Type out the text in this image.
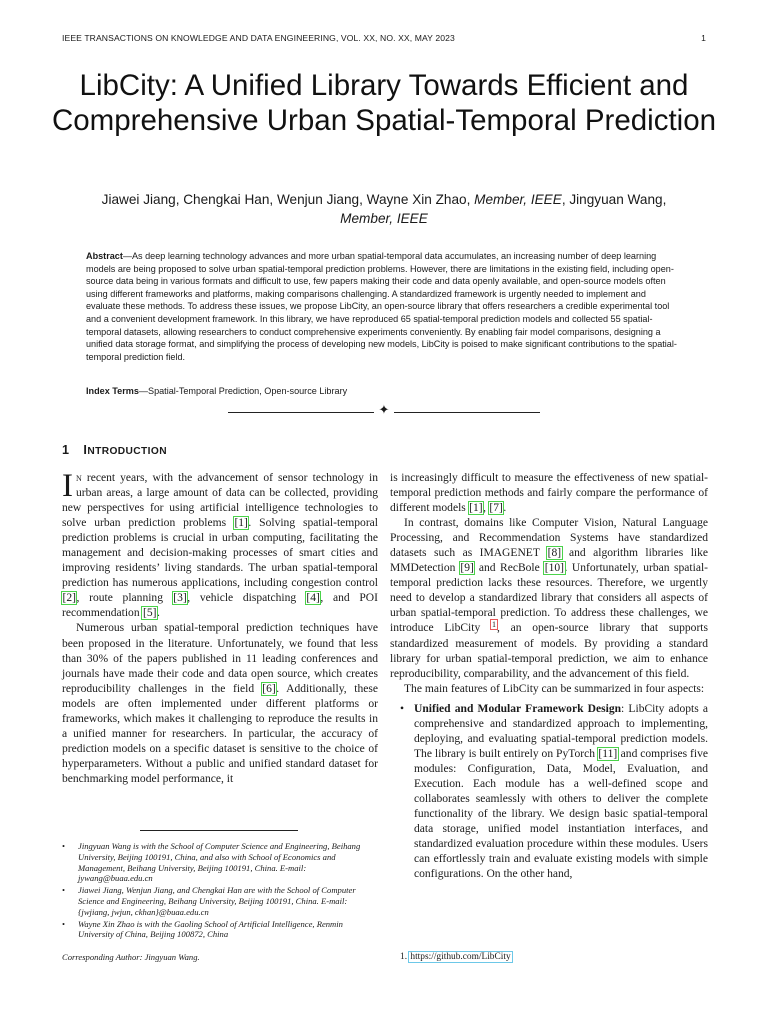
IEEE TRANSACTIONS ON KNOWLEDGE AND DATA ENGINEERING, VOL. XX, NO. XX, MAY 2023	1
LibCity: A Unified Library Towards Efficient and Comprehensive Urban Spatial-Temporal Prediction
Jiawei Jiang, Chengkai Han, Wenjun Jiang, Wayne Xin Zhao, Member, IEEE, Jingyuan Wang, Member, IEEE
Abstract—As deep learning technology advances and more urban spatial-temporal data accumulates, an increasing number of deep learning models are being proposed to solve urban spatial-temporal prediction problems. However, there are limitations in the existing field, including open-source data being in various formats and difficult to use, few papers making their code and data openly available, and open-source models often using different frameworks and platforms, making comparisons challenging. A standardized framework is urgently needed to implement and evaluate these methods. To address these issues, we propose LibCity, an open-source library that offers researchers a credible experimental tool and a convenient development framework. In this library, we have reproduced 65 spatial-temporal prediction models and collected 55 spatial-temporal datasets, allowing researchers to conduct comprehensive experiments conveniently. By enabling fair model comparisons, designing a unified data storage format, and simplifying the process of developing new models, LibCity is poised to make significant contributions to the spatial-temporal prediction field.
Index Terms—Spatial-Temporal Prediction, Open-source Library
✦
1 INTRODUCTION

In recent years, with the advancement of sensor technology in urban areas, a large amount of data can be collected, providing new perspectives for using artificial intelligence technologies to solve urban prediction problems [1]. Solving spatial-temporal prediction problems is crucial in urban computing, facilitating the management and decision-making processes of smart cities and improving residents’ living standards. The urban spatial-temporal prediction has numerous applications, including congestion control [2], route planning [3], vehicle dispatching [4], and POI recommendation [5].

Numerous urban spatial-temporal prediction techniques have been proposed in the literature. Unfortunately, we found that less than 30% of the papers published in 11 leading conferences and journals have made their code and data open source, which creates reproducibility challenges in the field [6]. Additionally, these models are often implemented under different platforms or frameworks, which makes it challenging to reproduce the results in a unified manner for researchers. In particular, the accuracy of prediction models on a specific dataset is sensitive to the choice of hyperparameters. Without a public and unified standard dataset for benchmarking model performance, it

is increasingly difficult to measure the effectiveness of new spatial-temporal prediction methods and fairly compare the performance of different models [1], [7].

In contrast, domains like Computer Vision, Natural Language Processing, and Recommendation Systems have standardized datasets such as IMAGENET [8] and algorithm libraries like MMDetection [9] and RecBole [10]. Unfortunately, urban spatial-temporal prediction lacks these resources. Therefore, we urgently need to develop a standardized library that considers all aspects of urban spatial-temporal prediction. To address these challenges, we introduce LibCity $^1$, an open-source library that supports standardized measurement of models. By providing a standard library for urban spatial-temporal prediction, we aim to enhance reproducibility, comparability, and the advancement of this field.

The main features of LibCity can be summarized in four aspects:

• Unified and Modular Framework Design: LibCity adopts a comprehensive and standardized approach to implementing, deploying, and evaluating spatial-temporal prediction models. The library is built entirely on PyTorch [11] and comprises five modules: Configuration, Data, Model, Evaluation, and Execution. Each module has a well-defined scope and collaborates seamlessly with others to deliver the complete functionality of the library. We design basic spatial-temporal data storage, unified model instantiation interfaces, and standardized evaluation procedure within these modules. Users can effortlessly train and evaluate existing models with simple configurations. On the other hand,
• Jingyuan Wang is with the School of Computer Science and Engineering, Beihang University, Beijing 100191, China, and also with School of Economics and Management, Beihang University, Beijing 100191, China. E-mail: jywang@buaa.edu.cn
• Jiawei Jiang, Wenjun Jiang, and Chengkai Han are with the School of Computer Science and Engineering, Beihang University, Beijing 100191, China. E-mail: {jwjiang, jwjun, ckhan}@buaa.edu.cn
• Wayne Xin Zhao is with the Gaoling School of Artificial Intelligence, Renmin University of China, Beijing 100872, China
Corresponding Author: Jingyuan Wang.	1. https://github.com/LibCity
